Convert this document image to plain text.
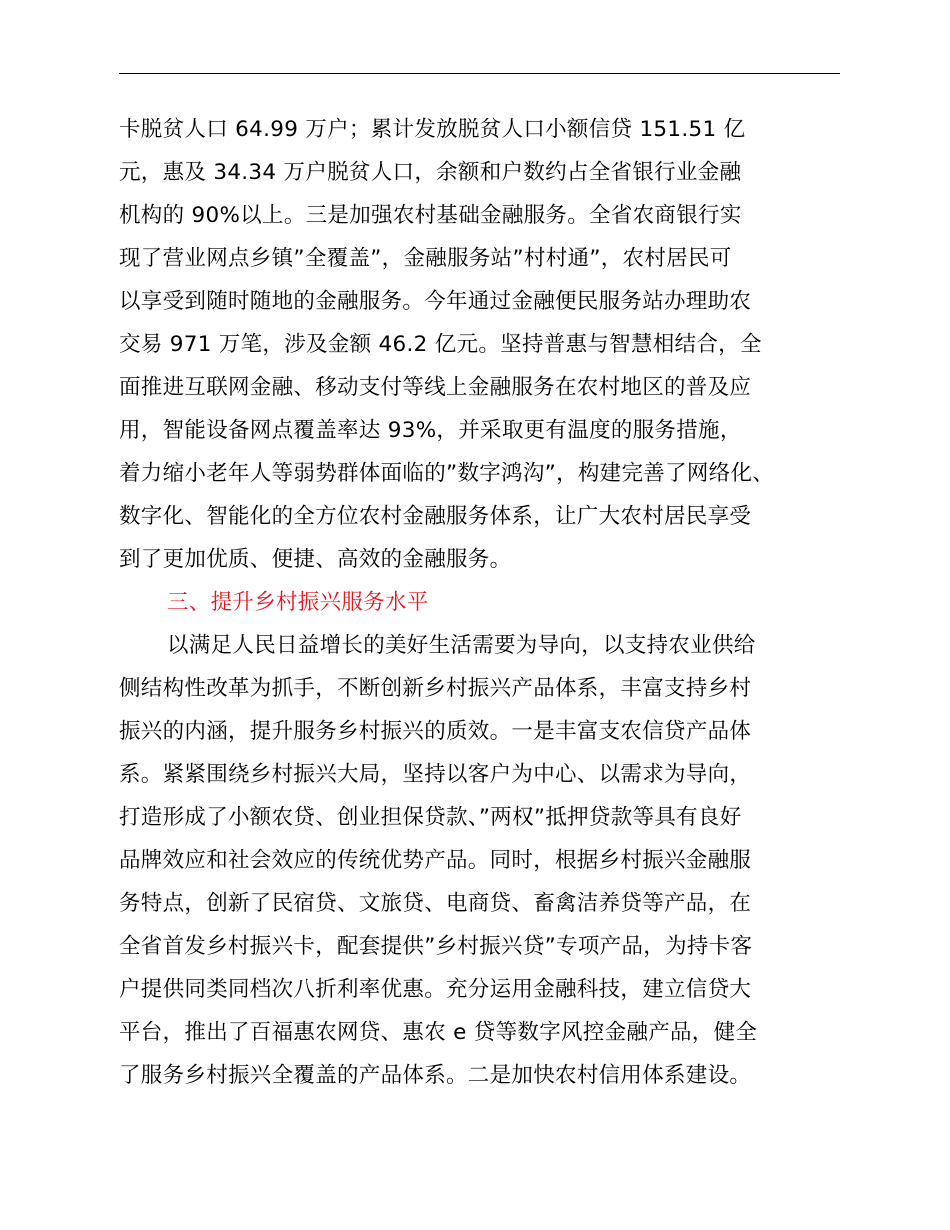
卡脱贫人口 64.99 万户；累计发放脱贫人口小额信贷 151.51 亿
元，惠及 34.34 万户脱贫人口，余额和户数约占全省银行业金融
机构的 90%以上。三是加强农村基础金融服务。全省农商银行实
现了营业网点乡镇”全覆盖”，金融服务站”村村通”，农村居民可
以享受到随时随地的金融服务。今年通过金融便民服务站办理助农
交易 971 万笔，涉及金额 46.2 亿元。坚持普惠与智慧相结合，全
面推进互联网金融、移动支付等线上金融服务在农村地区的普及应
用，智能设备网点覆盖率达 93%，并采取更有温度的服务措施，
着力缩小老年人等弱势群体面临的”数字鸿沟”，构建完善了网络化、
数字化、智能化的全方位农村金融服务体系，让广大农村居民享受
到了更加优质、便捷、高效的金融服务。
三、提升乡村振兴服务水平
以满足人民日益增长的美好生活需要为导向，以支持农业供给
侧结构性改革为抓手，不断创新乡村振兴产品体系，丰富支持乡村
振兴的内涵，提升服务乡村振兴的质效。一是丰富支农信贷产品体
系。紧紧围绕乡村振兴大局，坚持以客户为中心、以需求为导向，
打造形成了小额农贷、创业担保贷款、”两权”抵押贷款等具有良好
品牌效应和社会效应的传统优势产品。同时，根据乡村振兴金融服
务特点，创新了民宿贷、文旅贷、电商贷、畜禽洁养贷等产品，在
全省首发乡村振兴卡，配套提供”乡村振兴贷”专项产品，为持卡客
户提供同类同档次八折利率优惠。充分运用金融科技，建立信贷大
平台，推出了百福惠农网贷、惠农 e 贷等数字风控金融产品，健全
了服务乡村振兴全覆盖的产品体系。二是加快农村信用体系建设。
